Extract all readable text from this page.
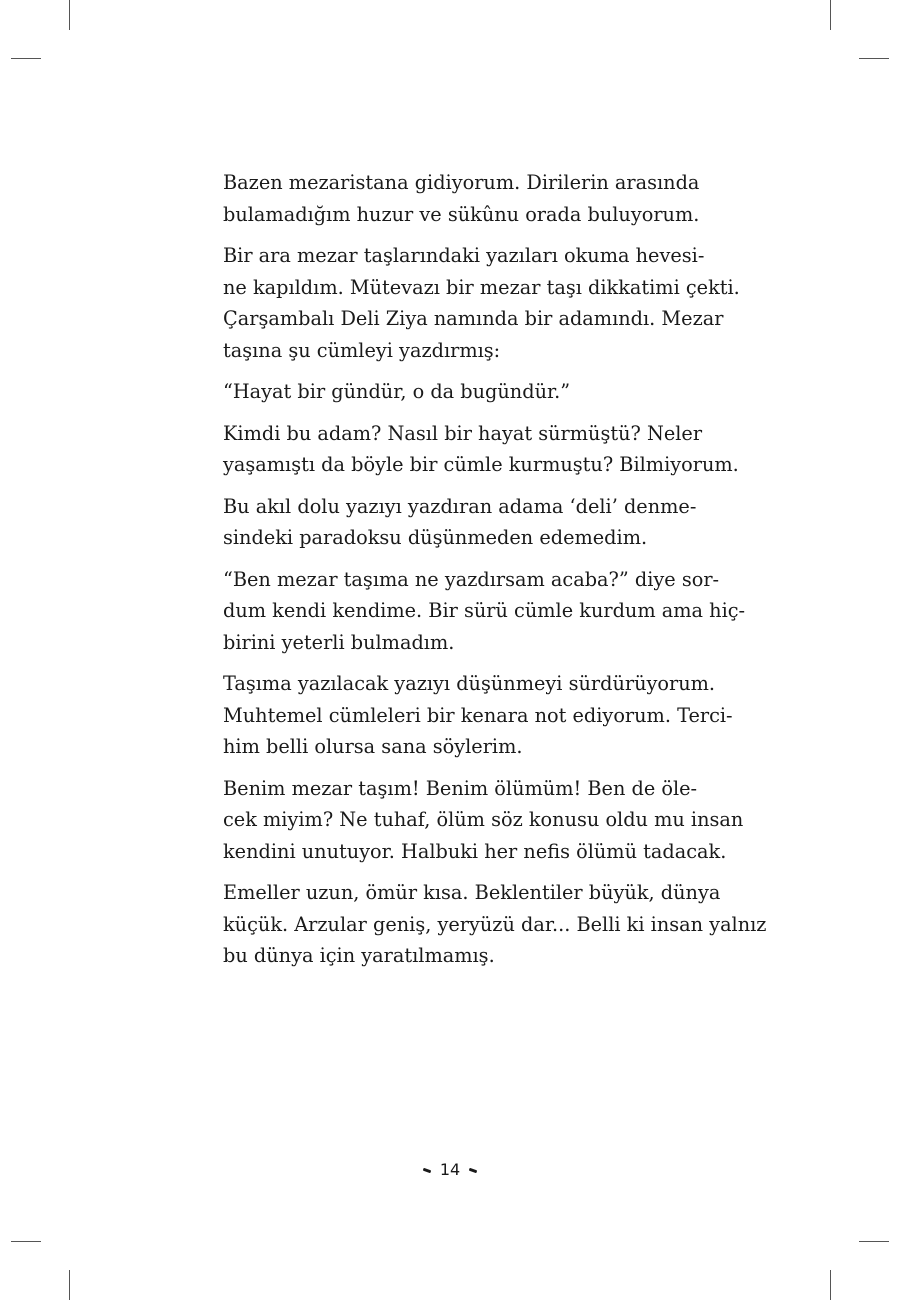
Bazen mezaristana gidiyorum. Dirilerin arasında
bulamadığım huzur ve sükûnu orada buluyorum.

Bir ara mezar taşlarındaki yazıları okuma hevesi-
ne kapıldım. Mütevazı bir mezar taşı dikkatimi çekti.
Çarşambalı Deli Ziya namında bir adamındı. Mezar
taşına şu cümleyi yazdırmış:

“Hayat bir gündür, o da bugündür.”

Kimdi bu adam? Nasıl bir hayat sürmüştü? Neler
yaşamıştı da böyle bir cümle kurmuştu? Bilmiyorum.

Bu akıl dolu yazıyı yazdıran adama ‘deli’ denme-
sindeki paradoksu düşünmeden edemedim.

“Ben mezar taşıma ne yazdırsam acaba?” diye sor-
dum kendi kendime. Bir sürü cümle kurdum ama hiç-
birini yeterli bulmadım.

Taşıma yazılacak yazıyı düşünmeyi sürdürüyorum.
Muhtemel cümleleri bir kenara not ediyorum. Terci-
him belli olursa sana söylerim.

Benim mezar taşım! Benim ölümüm! Ben de öle-
cek miyim? Ne tuhaf, ölüm söz konusu oldu mu insan
kendini unutuyor. Halbuki her nefis ölümü tadacak.

Emeller uzun, ömür kısa. Beklentiler büyük, dünya
küçük. Arzular geniş, yeryüzü dar... Belli ki insan yalnız
bu dünya için yaratılmamış.

14
